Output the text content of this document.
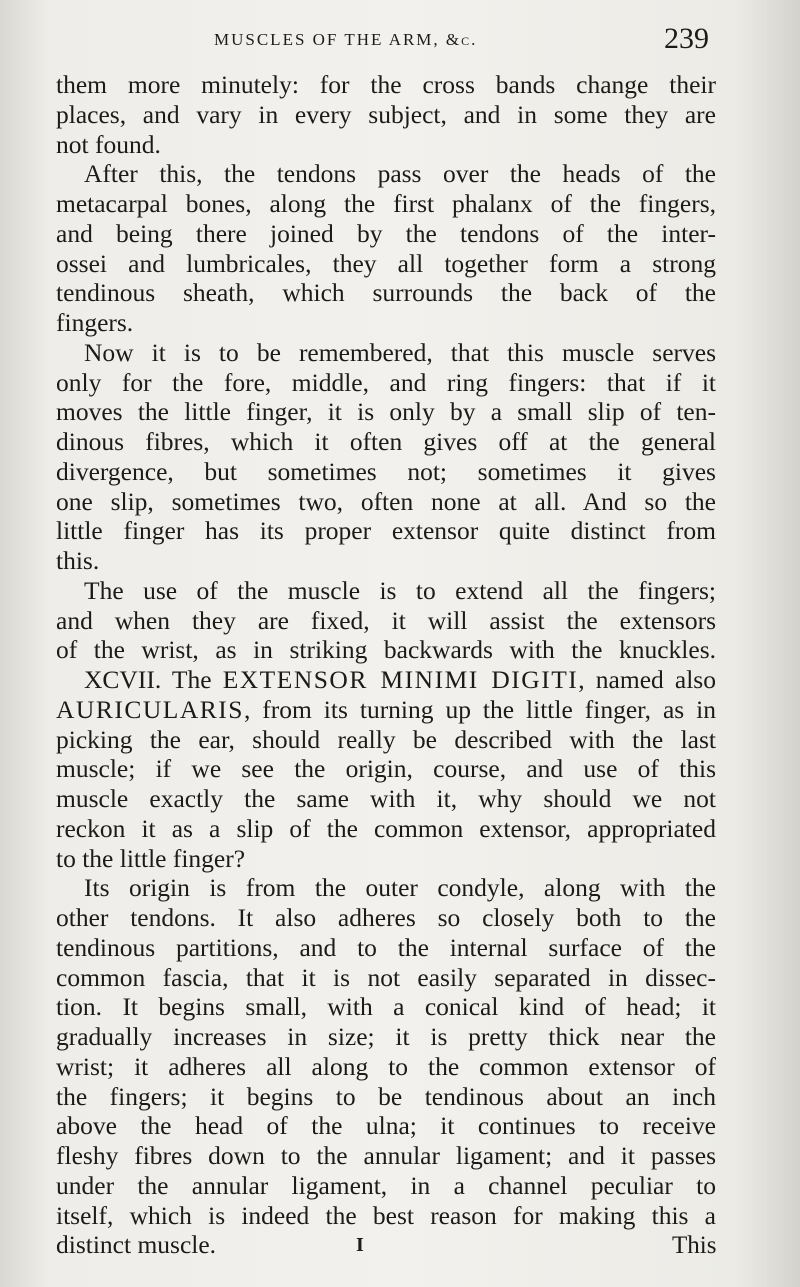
MUSCLES OF THE ARM, &c.	239
them more minutely: for the cross bands change their
places, and vary in every subject, and in some they are
not found.
After this, the tendons pass over the heads of the
metacarpal bones, along the first phalanx of the fingers,
and being there joined by the tendons of the inter-
ossei and lumbricales, they all together form a strong
tendinous sheath, which surrounds the back of the
fingers.
Now it is to be remembered, that this muscle serves
only for the fore, middle, and ring fingers: that if it
moves the little finger, it is only by a small slip of ten-
dinous fibres, which it often gives off at the general
divergence, but sometimes not; sometimes it gives
one slip, sometimes two, often none at all. And so the
little finger has its proper extensor quite distinct from
this.
The use of the muscle is to extend all the fingers;
and when they are fixed, it will assist the extensors
of the wrist, as in striking backwards with the knuckles.
XCVII. The EXTENSOR MINIMI DIGITI, named also
AURICULARIS, from its turning up the little finger, as in
picking the ear, should really be described with the last
muscle; if we see the origin, course, and use of this
muscle exactly the same with it, why should we not
reckon it as a slip of the common extensor, appropriated
to the little finger?
Its origin is from the outer condyle, along with the
other tendons. It also adheres so closely both to the
tendinous partitions, and to the internal surface of the
common fascia, that it is not easily separated in dissec-
tion. It begins small, with a conical kind of head; it
gradually increases in size; it is pretty thick near the
wrist; it adheres all along to the common extensor of
the fingers; it begins to be tendinous about an inch
above the head of the ulna; it continues to receive
fleshy fibres down to the annular ligament; and it passes
under the annular ligament, in a channel peculiar to
itself, which is indeed the best reason for making this a
distinct muscle.	I	This
